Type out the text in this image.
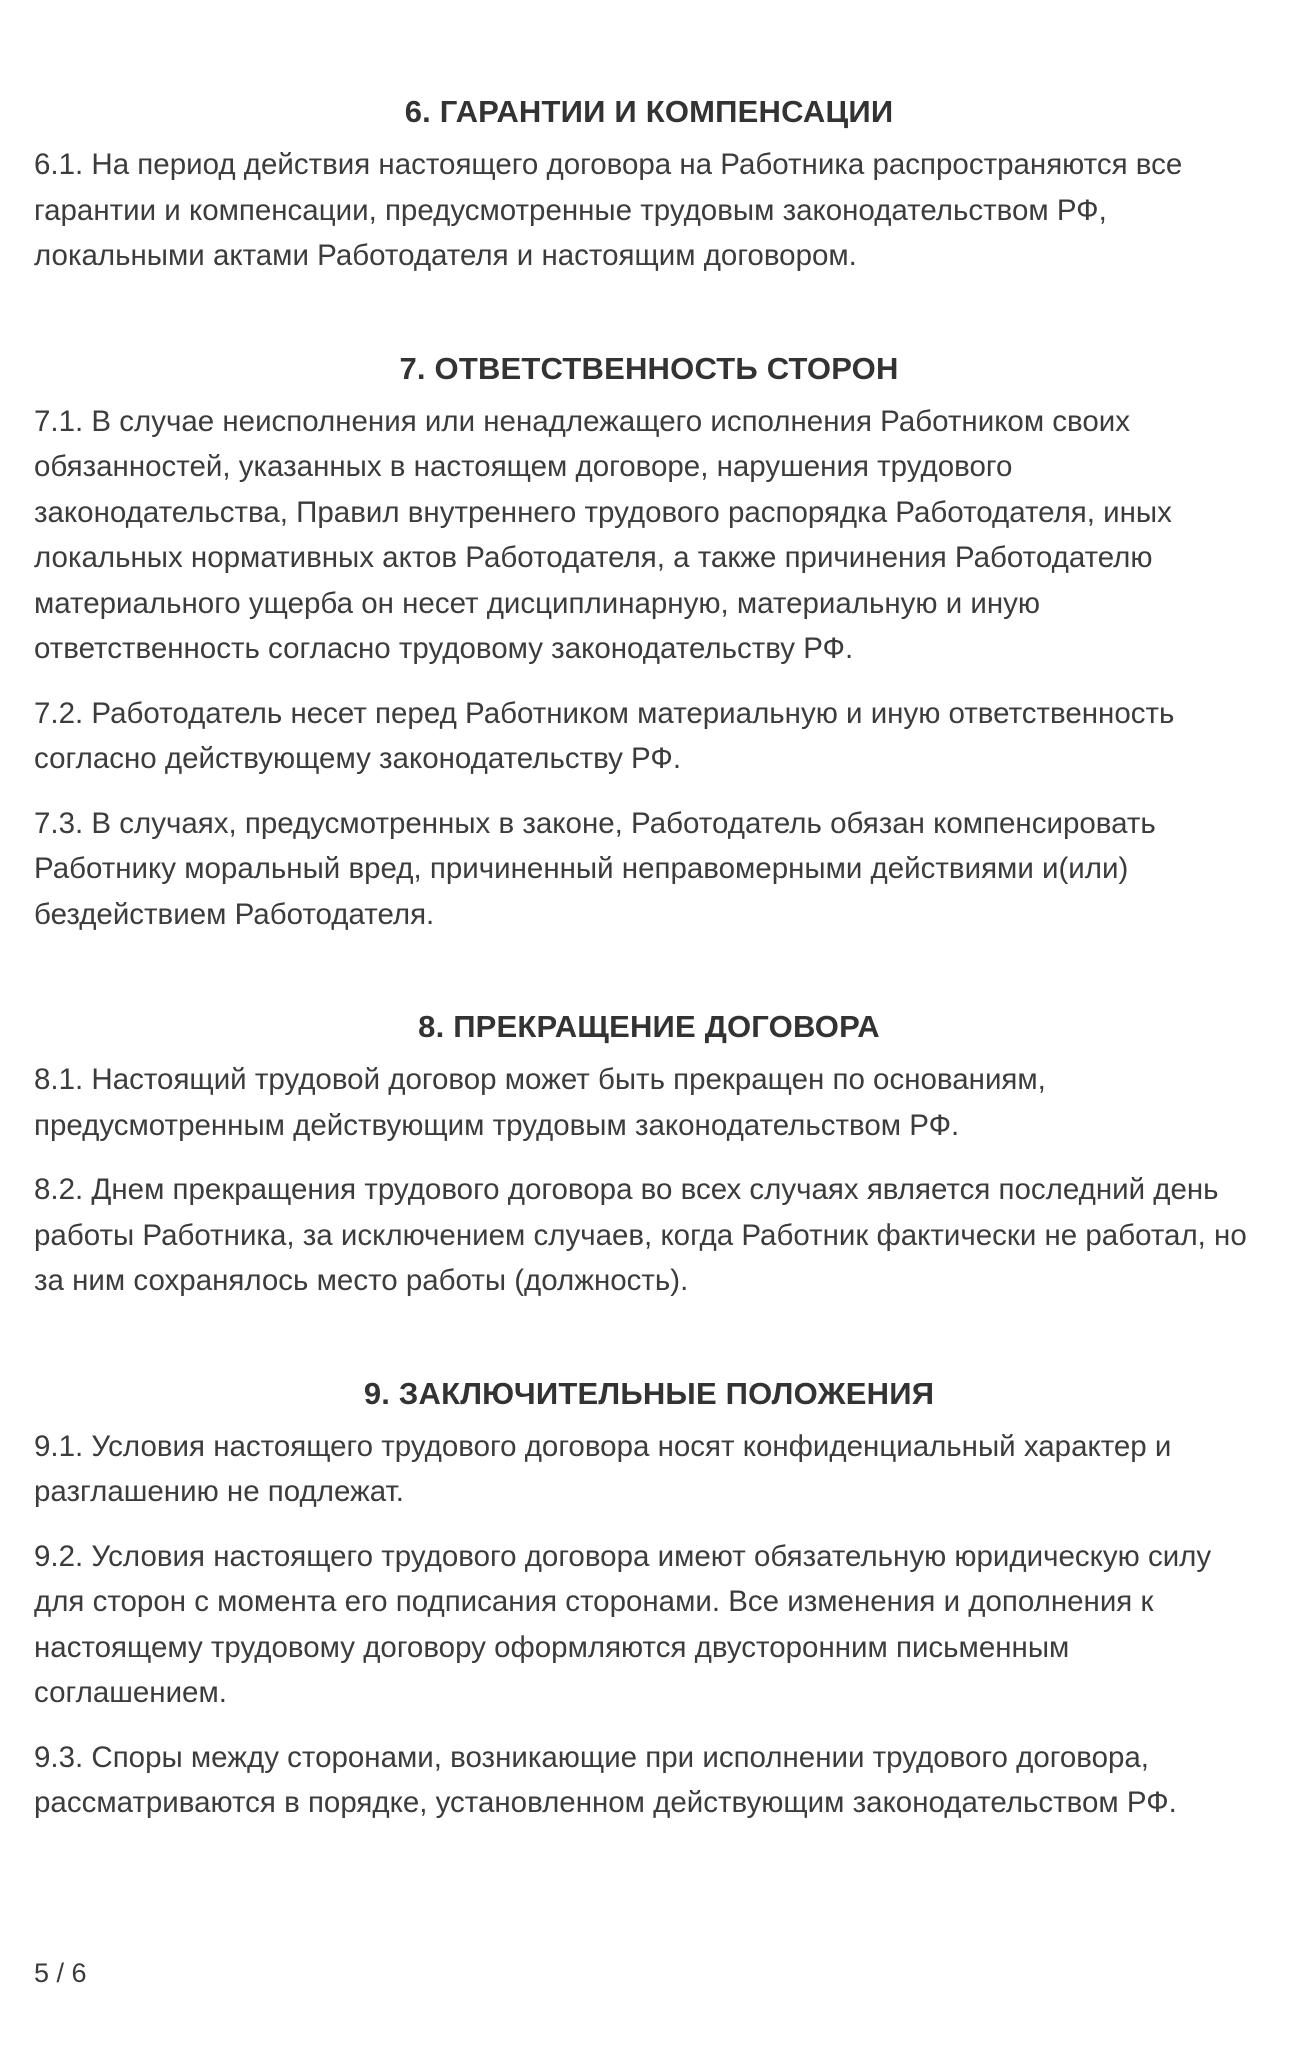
6. ГАРАНТИИ И КОМПЕНСАЦИИ

6.1. На период действия настоящего договора на Работника распространяются все гарантии и компенсации, предусмотренные трудовым законодательством РФ, локальными актами Работодателя и настоящим договором.

7. ОТВЕТСТВЕННОСТЬ СТОРОН

7.1. В случае неисполнения или ненадлежащего исполнения Работником своих обязанностей, указанных в настоящем договоре, нарушения трудового законодательства, Правил внутреннего трудового распорядка Работодателя, иных локальных нормативных актов Работодателя, а также причинения Работодателю материального ущерба он несет дисциплинарную, материальную и иную ответственность согласно трудовому законодательству РФ.

7.2. Работодатель несет перед Работником материальную и иную ответственность согласно действующему законодательству РФ.

7.3. В случаях, предусмотренных в законе, Работодатель обязан компенсировать Работнику моральный вред, причиненный неправомерными действиями и(или) бездействием Работодателя.

8. ПРЕКРАЩЕНИЕ ДОГОВОРА

8.1. Настоящий трудовой договор может быть прекращен по основаниям, предусмотренным действующим трудовым законодательством РФ.

8.2. Днем прекращения трудового договора во всех случаях является последний день работы Работника, за исключением случаев, когда Работник фактически не работал, но за ним сохранялось место работы (должность).

9. ЗАКЛЮЧИТЕЛЬНЫЕ ПОЛОЖЕНИЯ

9.1. Условия настоящего трудового договора носят конфиденциальный характер и разглашению не подлежат.

9.2. Условия настоящего трудового договора имеют обязательную юридическую силу для сторон с момента его подписания сторонами. Все изменения и дополнения к настоящему трудовому договору оформляются двусторонним письменным соглашением.

9.3. Споры между сторонами, возникающие при исполнении трудового договора, рассматриваются в порядке, установленном действующим законодательством РФ.

5 / 6
